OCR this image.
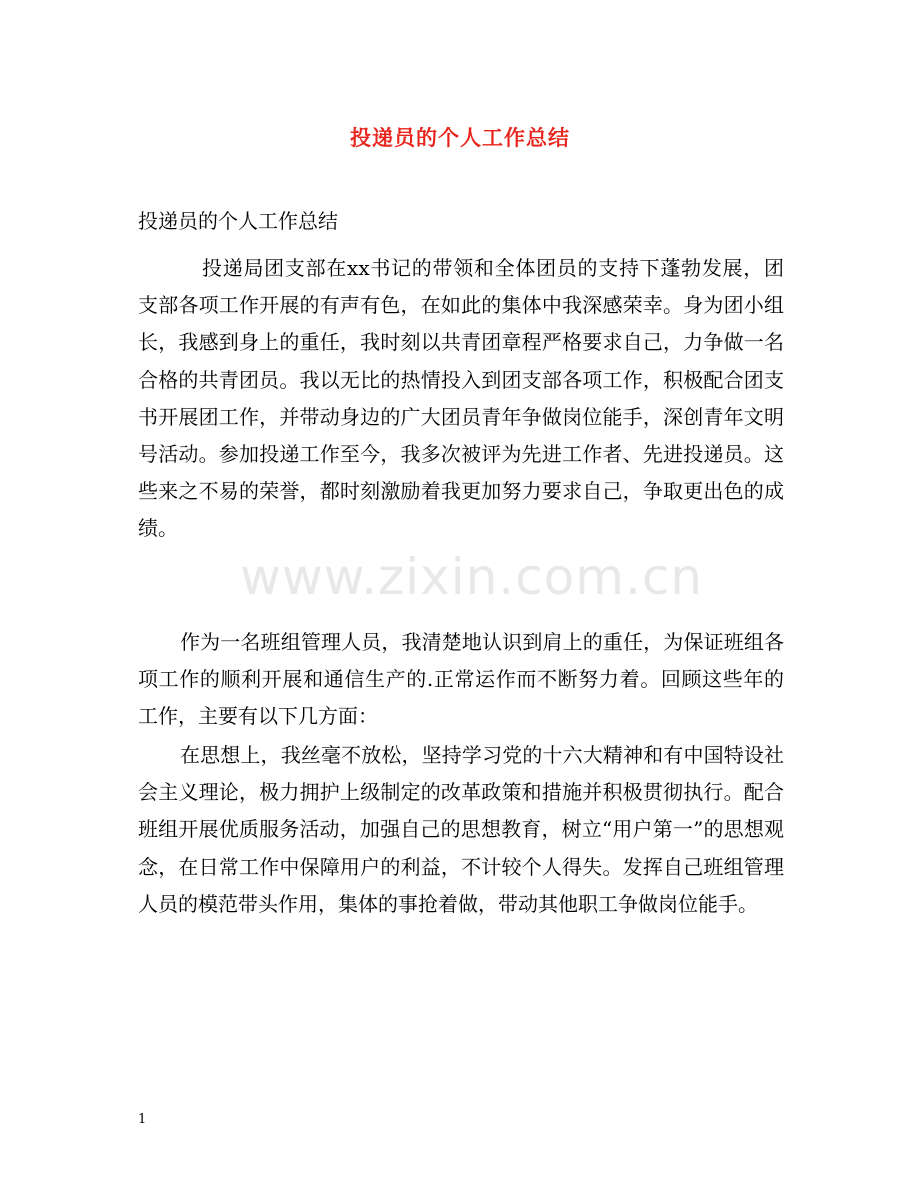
投递员的个人工作总结
投递员的个人工作总结

投递局团支部在xx书记的带领和全体团员的支持下蓬勃发展，团支部各项工作开展的有声有色，在如此的集体中我深感荣幸。身为团小组长，我感到身上的重任，我时刻以共青团章程严格要求自己，力争做一名合格的共青团员。我以无比的热情投入到团支部各项工作，积极配合团支书开展团工作，并带动身边的广大团员青年争做岗位能手，深创青年文明号活动。参加投递工作至今，我多次被评为先进工作者、先进投递员。这些来之不易的荣誉，都时刻激励着我更加努力要求自己，争取更出色的成绩。

作为一名班组管理人员，我清楚地认识到肩上的重任，为保证班组各项工作的顺利开展和通信生产的.正常运作而不断努力着。回顾这些年的工作，主要有以下几方面：

在思想上，我丝毫不放松，坚持学习党的十六大精神和有中国特设社会主义理论，极力拥护上级制定的改革政策和措施并积极贯彻执行。配合班组开展优质服务活动，加强自己的思想教育，树立“用户第一”的思想观念，在日常工作中保障用户的利益，不计较个人得失。发挥自己班组管理人员的模范带头作用，集体的事抢着做，带动其他职工争做岗位能手。

www.zixin.com.cn
1
